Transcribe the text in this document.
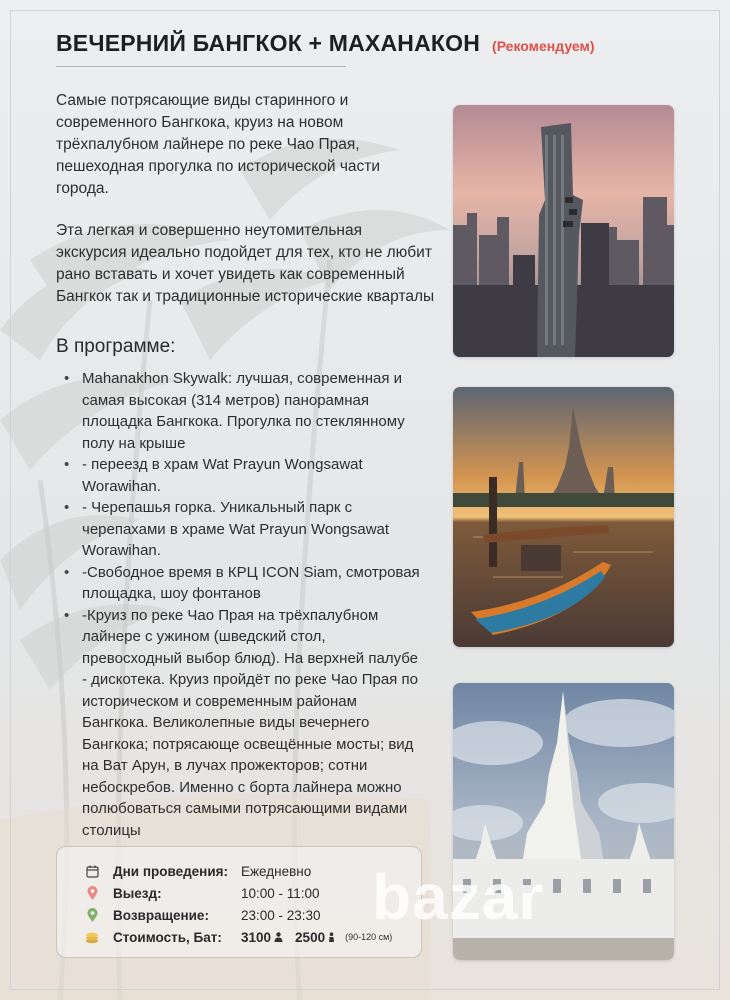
ВЕЧЕРНИЙ БАНГКОК + МАХАНАКОН (Рекомендуем)

Самые потрясающие виды старинного и современного Бангкока, круиз на новом трёхпалубном лайнере по реке Чао Прая, пешеходная прогулка по исторической части города.

Эта легкая и совершенно неутомительная экскурсия идеально подойдет для тех, кто не любит рано вставать и хочет увидеть как современный Бангкок так и традиционные исторические кварталы

В программе:
• Mahanakhon Skywalk: лучшая, современная и самая высокая (314 метров) панорамная площадка Бангкока. Прогулка по стеклянному полу на крыше
• - переезд в храм Wat Prayun Wongsawat Worawihan.
• - Черепашья горка. Уникальный парк с черепахами в храме Wat Prayun Wongsawat Worawihan.
• -Свободное время в КРЦ ICON Siam, смотровая площадка, шоу фонтанов
• -Круиз по реке Чао Прая на трёхпалубном лайнере с ужином (шведский стол, превосходный выбор блюд). На верхней палубе - дискотека. Круиз пройдёт по реке Чао Прая по историческом и современным районам Бангкока. Великолепные виды вечернего Бангкока; потрясающе освещённые мосты; вид на Ват Арун, в лучах прожекторов; сотни небоскребов. Именно с борта лайнера можно полюбоваться самыми потрясающими видами столицы
Дни проведения: Ежедневно
Выезд:	10:00 - 11:00
Возвращение:	23:00 - 23:30
Стоимость, Бат:	3100 2500 (90-120 см)
bazar
